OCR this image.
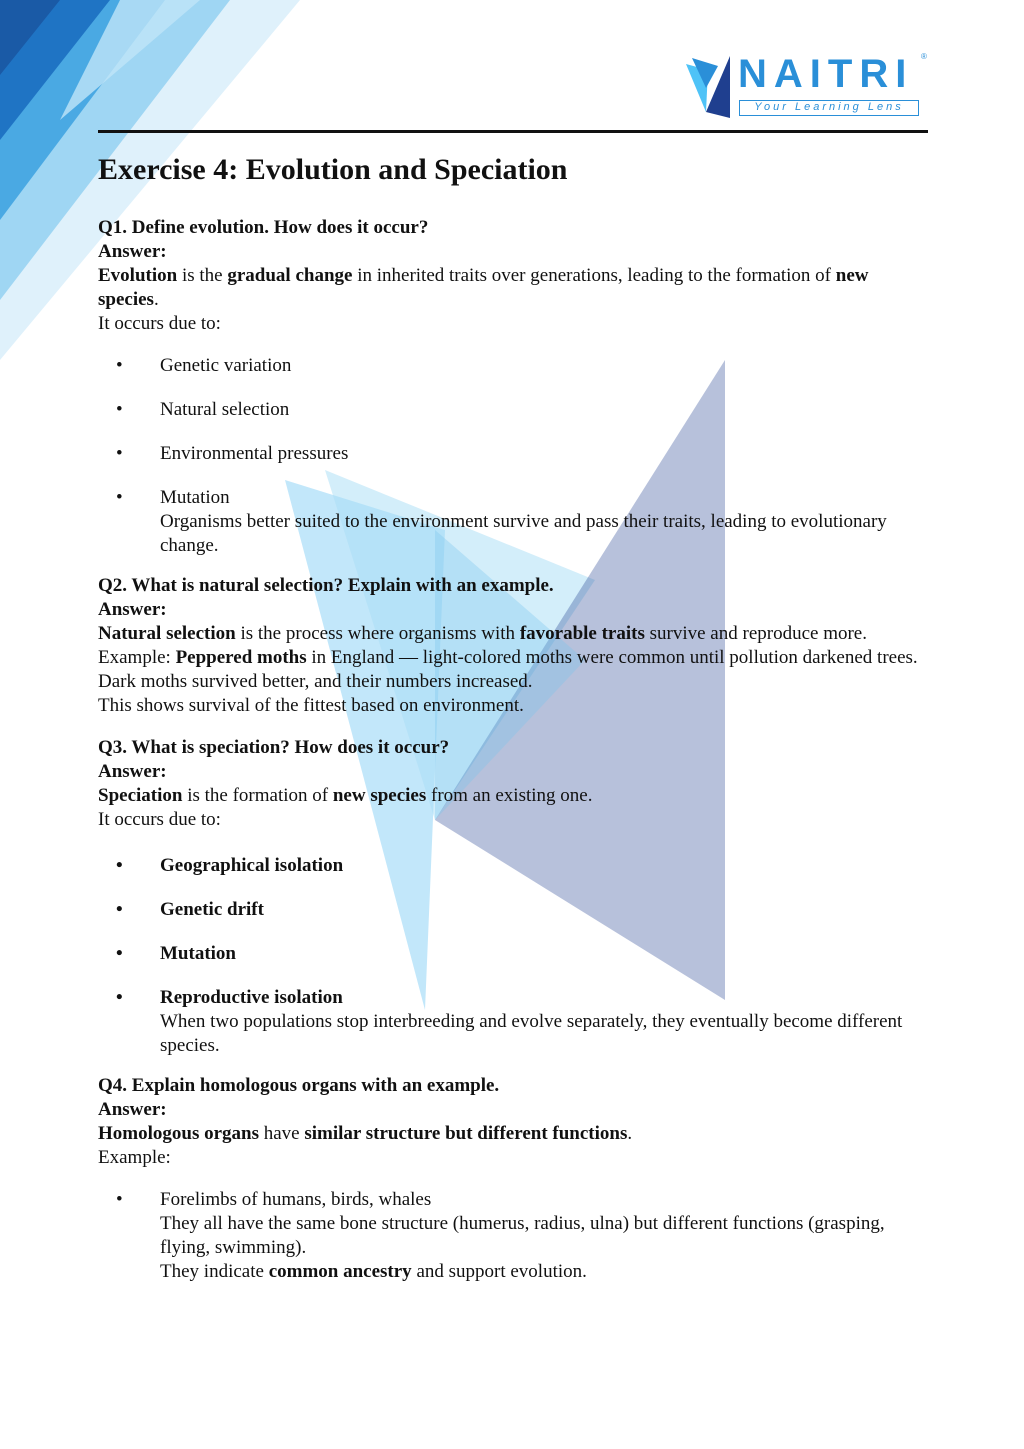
NAITRI ®
Your Learning Lens
Exercise 4: Evolution and Speciation

Q1. Define evolution. How does it occur?

Answer:

Evolution is the gradual change in inherited traits over generations, leading to the formation of new species.

It occurs due to:

• Genetic variation
• Natural selection
• Environmental pressures
• Mutation
Organisms better suited to the environment survive and pass their traits, leading to evolutionary change.

Q2. What is natural selection? Explain with an example.

Answer:

Natural selection is the process where organisms with favorable traits survive and reproduce more.

Example: Peppered moths in England — light-colored moths were common until pollution darkened trees. Dark moths survived better, and their numbers increased.

This shows survival of the fittest based on environment.

Q3. What is speciation? How does it occur?

Answer:

Speciation is the formation of new species from an existing one.

It occurs due to:

• Geographical isolation
• Genetic drift
• Mutation
• Reproductive isolation
When two populations stop interbreeding and evolve separately, they eventually become different species.

Q4. Explain homologous organs with an example.

Answer:

Homologous organs have similar structure but different functions.

Example:

• Forelimbs of humans, birds, whales
They all have the same bone structure (humerus, radius, ulna) but different functions (grasping, flying, swimming).
They indicate common ancestry and support evolution.
